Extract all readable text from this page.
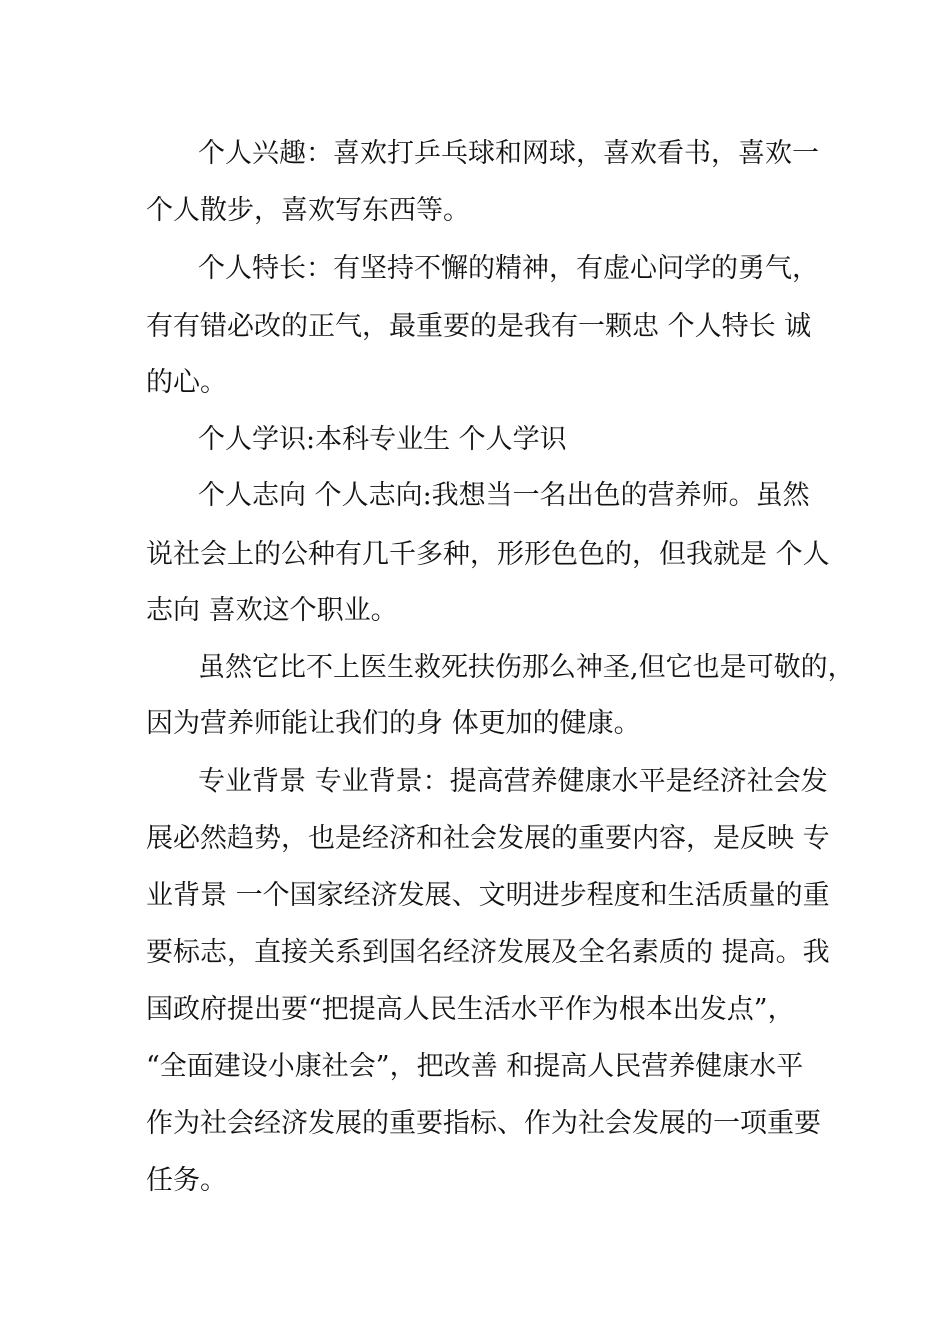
个人兴趣：喜欢打乒乓球和网球，喜欢看书，喜欢一
个人散步，喜欢写东西等。
个人特长：有坚持不懈的精神，有虚心问学的勇气，
有有错必改的正气，最重要的是我有一颗忠 个人特长 诚
的心。
个人学识:本科专业生 个人学识
个人志向 个人志向:我想当一名出色的营养师。虽然
说社会上的公种有几千多种，形形色色的，但我就是 个人
志向 喜欢这个职业。
虽然它比不上医生救死扶伤那么神圣,但它也是可敬的，
因为营养师能让我们的身 体更加的健康。
专业背景 专业背景：提高营养健康水平是经济社会发
展必然趋势，也是经济和社会发展的重要内容，是反映 专
业背景 一个国家经济发展、文明进步程度和生活质量的重
要标志，直接关系到国名经济发展及全名素质的 提高。我
国政府提出要“把提高人民生活水平作为根本出发点”，
“全面建设小康社会”，把改善 和提高人民营养健康水平
作为社会经济发展的重要指标、作为社会发展的一项重要
任务。
